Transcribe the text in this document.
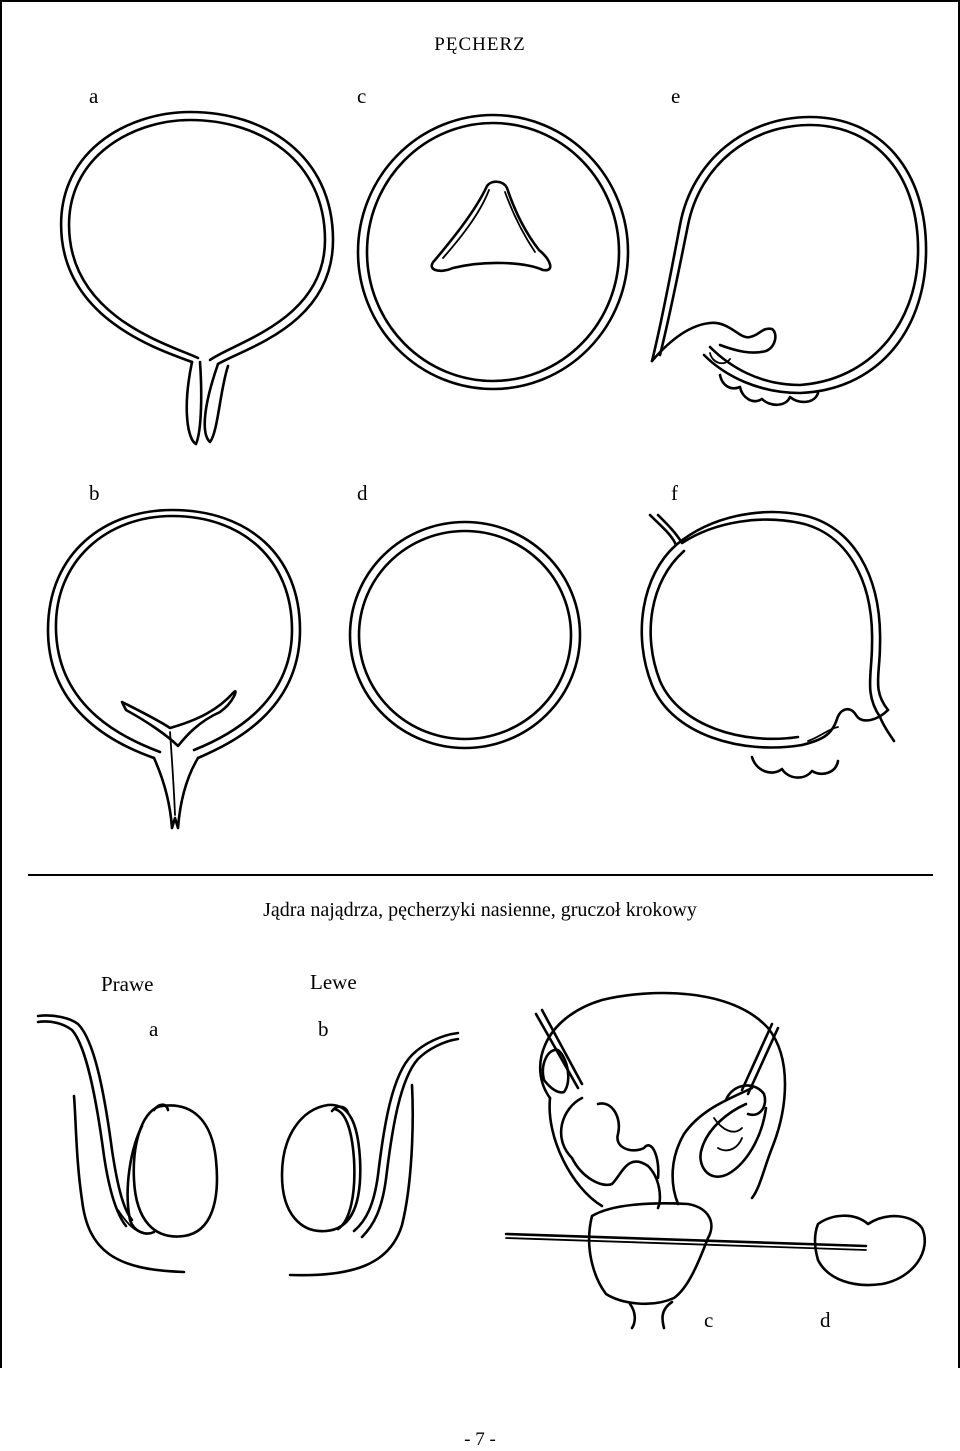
PĘCHERZ
a	c	e
b	d	f
Jądra najądrza, pęcherzyki nasienne, gruczoł krokowy
Prawe	Lewe
a	b
c	d
- 7 -
